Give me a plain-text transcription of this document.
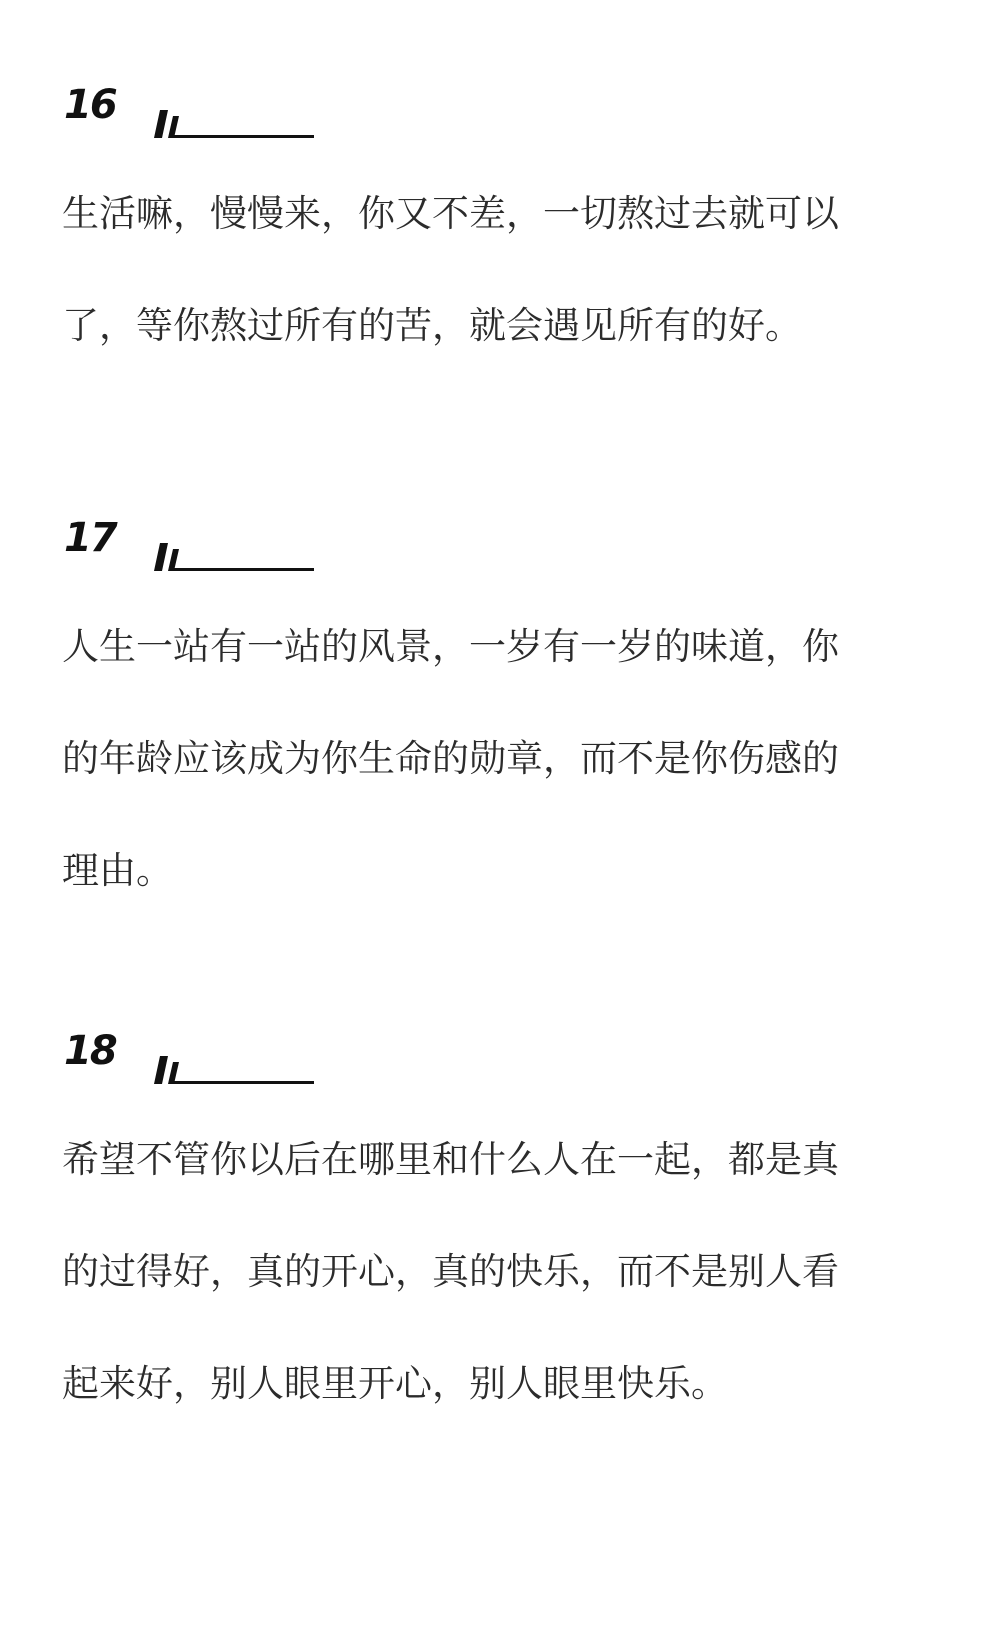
16

生活嘛，慢慢来，你又不差，一切熬过去就可以

了，等你熬过所有的苦，就会遇见所有的好。

17

人生一站有一站的风景，一岁有一岁的味道，你

的年龄应该成为你生命的勋章，而不是你伤感的

理由。

18

希望不管你以后在哪里和什么人在一起，都是真

的过得好，真的开心，真的快乐，而不是别人看

起来好，别人眼里开心，别人眼里快乐。
